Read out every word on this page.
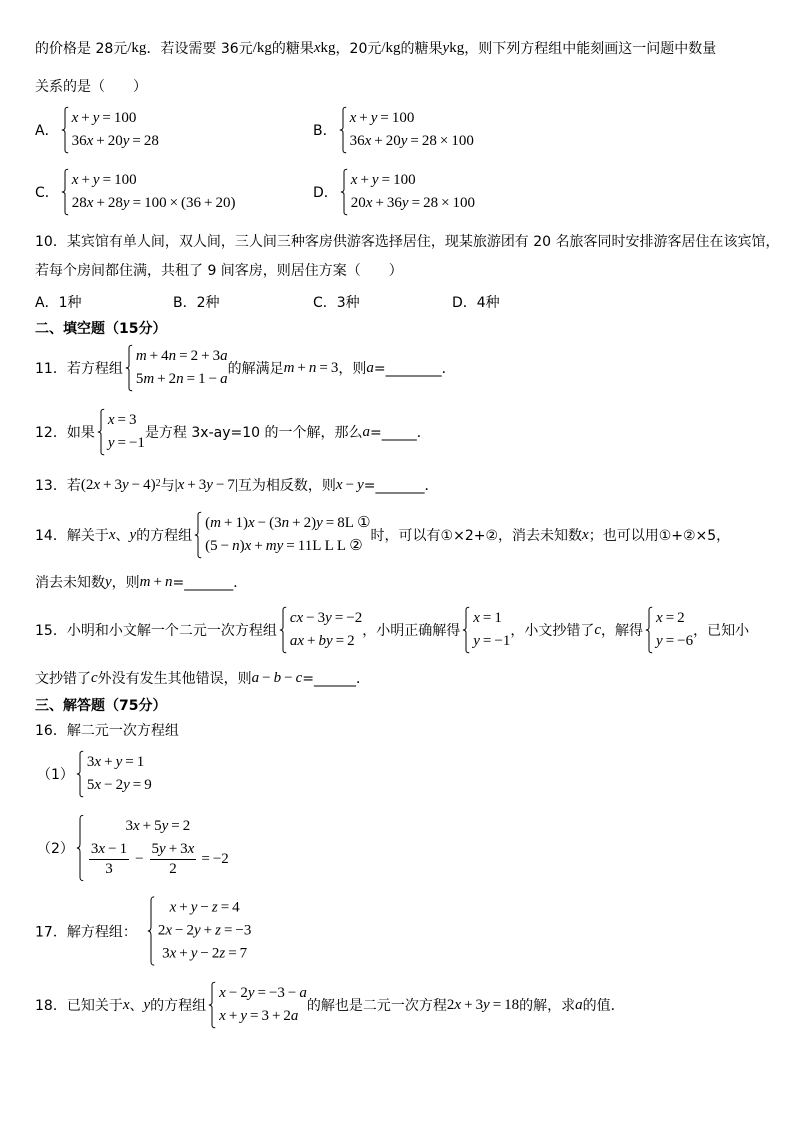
的价格是 28元 /kg ．若设需要 36元 /kg 的糖果 x kg ，20元 /kg 的糖果 y kg ，则下列方程组中能刻画这一问题中数量
关系的是（　　）
A．
x + y = 100
36x + 20y = 28
B．
x + y = 100
36x + 20y = 28 × 100
C．
x + y = 100
28x + 28y = 100 × (36 + 20)
D．
x + y = 100
20x + 36y = 28 × 100
10．某宾馆有单人间，双人间，三人间三种客房供游客选择居住，现某旅游团有 20 名旅客同时安排游客居住在该宾馆，
若每个房间都住满，共租了 9 间客房，则居住方案（　　）
A．1种	B．2种	C．3种	D．4种
二、填空题（15分）
11．若方程组
m + 4n = 2 + 3a
5m + 2n = 1 − a
的解满足 m + n = 3 ，则 a =________．
12．如果
x = 3
y = −1
是方程 3x-ay=10 的一个解，那么 a =_____．
13．若 $(2x + 3y - 4)^2$ 与 |x + 3y − 7| 互为相反数，则 x − y =_______．
14．解关于 x 、 y 的方程组
(m + 1)x − (3n + 2)y = 8L ①
(5 − n)x + my = 11L L L ②
时，可以有①×2+②，消去未知数 x ；也可以用①+②×5，
消去未知数 y ，则 m + n =_______．
15．小明和小文解一个二元一次方程组
cx − 3y = −2
ax + by = 2
，小明正确解得
x = 1
y = −1
，小文抄错了 c ，解得
x = 2
y = −6
，已知小
文抄错了 c 外没有发生其他错误，则 a − b − c =______．
三、解答题（75分）
16．解二元一次方程组
（1）
3x + y = 1
5x − 2y = 9
（2）
3x + 5y = 2
$\frac{3x - 1}{3} - \frac{5y + 3x}{2} = -2$
17．解方程组：
x + y − z = 4
2x − 2y + z = −3
3x + y − 2z = 7
18．已知关于 x 、 y 的方程组
x − 2y = −3 − a
x + y = 3 + 2a
的解也是二元一次方程 2x + 3y = 18 的解，求 a 的值．
